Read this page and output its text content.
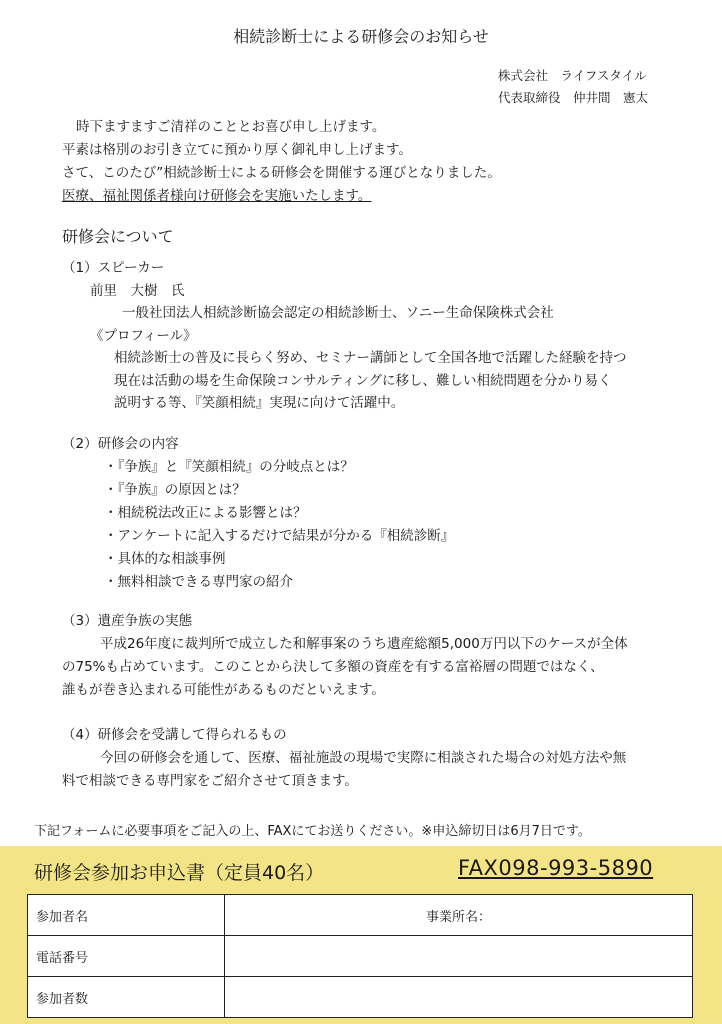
相続診断士による研修会のお知らせ
株式会社　ライフスタイル
代表取締役　仲井間　憲太
時下ますますご清祥のこととお喜び申し上げます。
平素は格別のお引き立てに預かり厚く御礼申し上げます。
さて、このたび”相続診断士による研修会を開催する運びとなりました。
医療、福祉関係者様向け研修会を実施いたします。
研修会について
（1）スピーカー
前里　大樹　氏
一般社団法人相続診断協会認定の相続診断士、ソニー生命保険株式会社
《プロフィール》
相続診断士の普及に長らく努め、セミナー講師として全国各地で活躍した経験を持つ
現在は活動の場を生命保険コンサルティングに移し、難しい相続問題を分かり易く
説明する等、『笑顔相続』実現に向けて活躍中。
（2）研修会の内容
・『争族』と『笑顔相続』の分岐点とは？
・『争族』の原因とは？
・相続税法改正による影響とは？
・アンケートに記入するだけで結果が分かる『相続診断』
・具体的な相談事例
・無料相談できる専門家の紹介
（3）遺産争族の実態
平成26年度に裁判所で成立した和解事案のうち遺産総額5,000万円以下のケースが全体
の75%も占めています。このことから決して多額の資産を有する富裕層の問題ではなく、
誰もが巻き込まれる可能性があるものだといえます。
（4）研修会を受講して得られるもの
今回の研修会を通して、医療、福祉施設の現場で実際に相談された場合の対処方法や無
料で相談できる専門家をご紹介させて頂きます。
下記フォームに必要事項をご記入の上、FAXにてお送りください。※申込締切日は6月7日です。
研修会参加お申込書（定員40名）	FAX098-993-5890
参加者名	事業所名：
電話番号	
参加者数	
